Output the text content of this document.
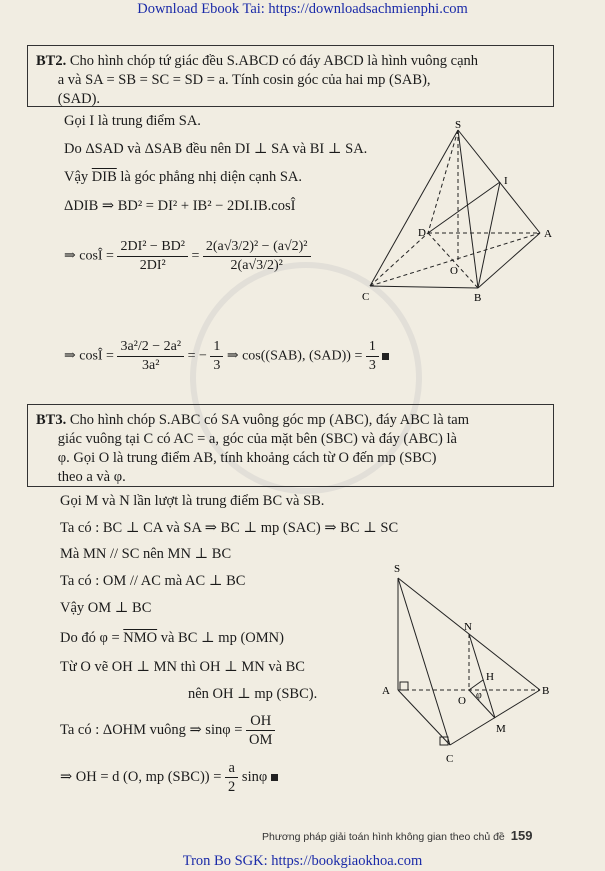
Download Ebook Tai: https://downloadsachmienphi.com
BT2. Cho hình chóp tứ giác đều S.ABCD có đáy ABCD là hình vuông cạnh
a và SA = SB = SC = SD = a. Tính cosin góc của hai mp (SAB),
(SAD).
Gọi I là trung điểm SA.
Do ΔSAD và ΔSAB đều nên DI ⊥ SA và BI ⊥ SA.
Vậy $\overline{DIB}$ là góc phẳng nhị diện cạnh SA.
ΔDIB ⇒ BD² = DI² + IB² − 2DI.IB.cosÎ
⇒ cosÎ = $\frac{\text{2DI² − BD²}}{\text{2DI²}} = \frac{\text{2(a√3/2)² − (a√2)²}}{\text{2(a√3/2)²}}$
⇒ cosÎ = $\frac{\text{3a²/2 − 2a²}}{\text{3a²}}$ = − $\frac{1}{3}$ ⇒ cos((SAB), $(SAD)) = \frac{1}{3}$

S
I
D	A
O
C	B
BT3. Cho hình chóp S.ABC có SA vuông góc mp (ABC), đáy ABC là tam
giác vuông tại C có AC = a, góc của mặt bên (SBC) và đáy (ABC) là
φ. Gọi O là trung điểm AB, tính khoảng cách từ O đến mp (SBC)
theo a và φ.
Gọi M và N lần lượt là trung điểm BC và SB.
Ta có : BC ⊥ CA và SA ⇒ BC ⊥ mp (SAC) ⇒ BC ⊥ SC
Mà MN // SC nên MN ⊥ BC
Ta có : OM // AC mà AC ⊥ BC
Vậy OM ⊥ BC
Do đó $\varphi = \overline{NMO}$ và BC ⊥ mp (OMN)
Từ O vẽ OH ⊥ MN thì OH ⊥ MN và BC
nên OH ⊥ mp (SBC).
Ta có : ΔOHM vuông ⇒ $\sin\varphi = \frac{OH}{OM}$
⇒ OH = d (O, mp $(SBC)) = \frac{a}{2}$ sinφ
S
N
H
A
O φ	B
M
C
Phương pháp giải toán hình không gian theo chủ đề 159
Tron Bo SGK: https://bookgiaokhoa.com
